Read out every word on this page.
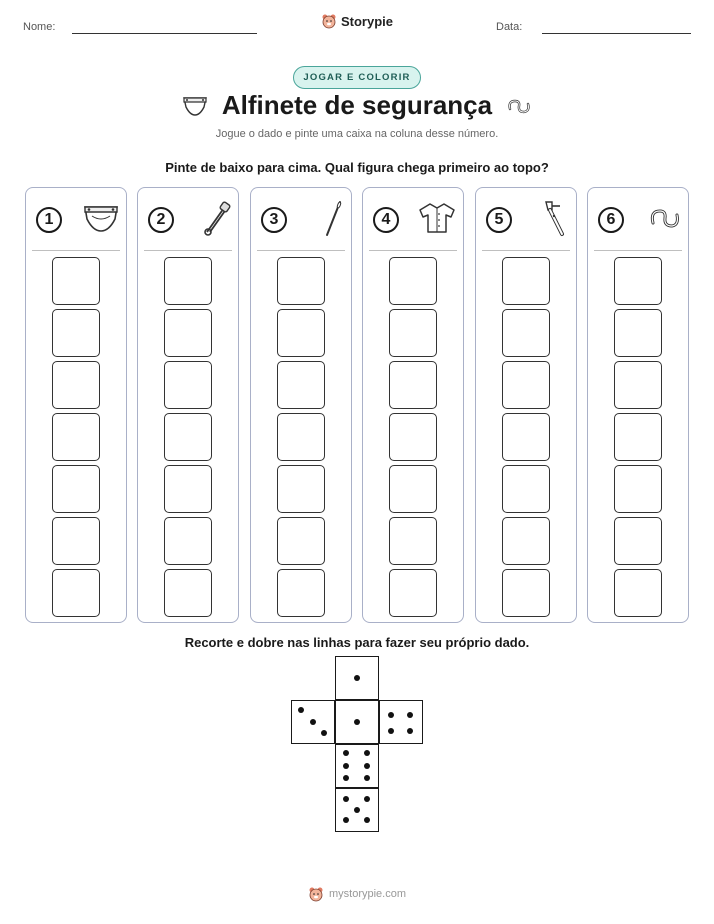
Nome:	Storypie	Data:
JOGAR E COLORIR
Alfinete de segurança
Jogue o dado e pinte uma caixa na coluna desse número.
Pinte de baixo para cima. Qual figura chega primeiro ao topo?
1	2	3	4	5	6
Recorte e dobre nas linhas para fazer seu próprio dado.
mystorypie.com
